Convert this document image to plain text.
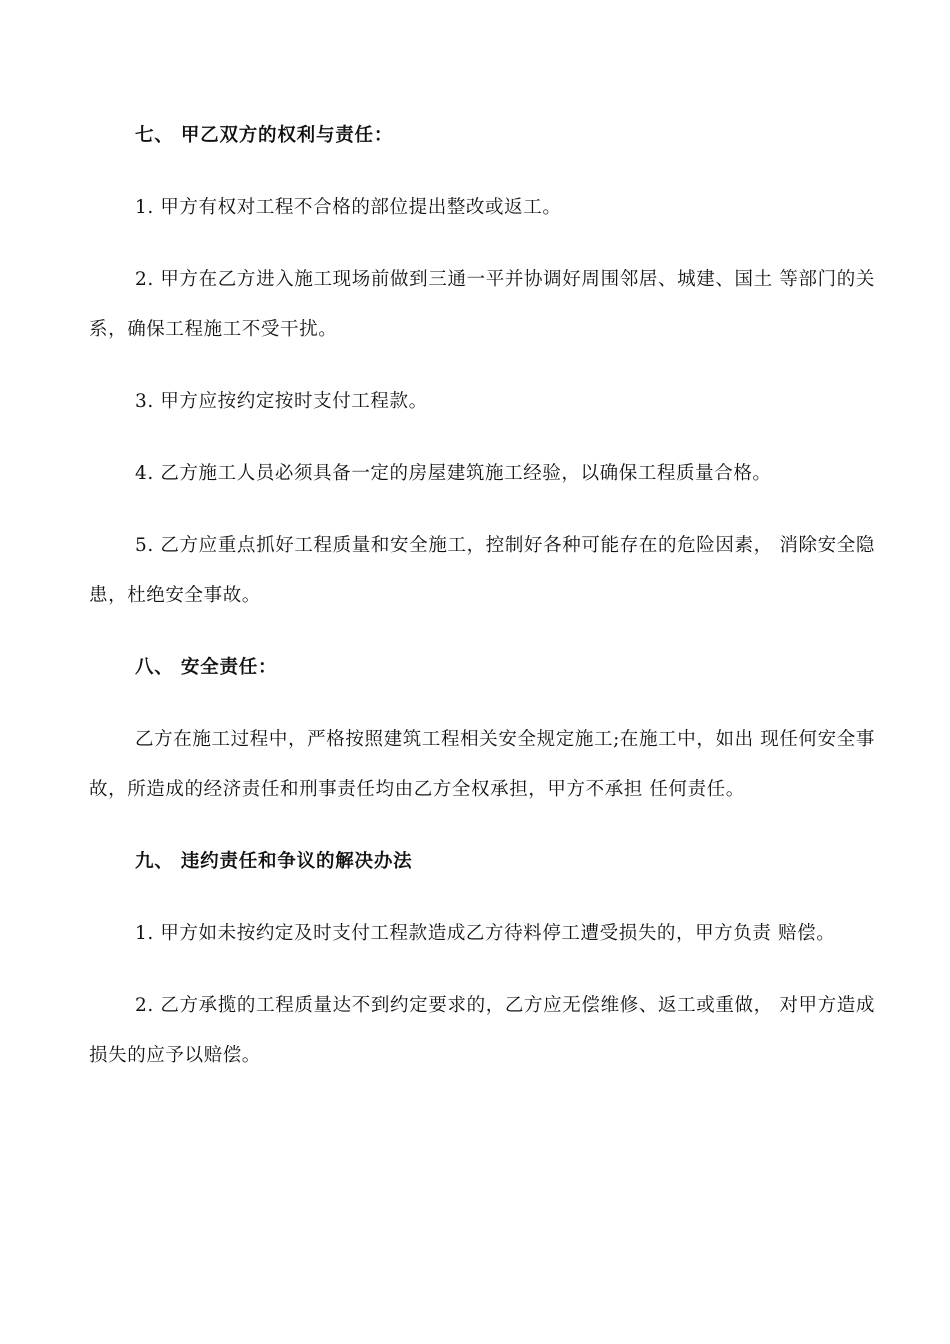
七、 甲乙双方的权利与责任：

1. 甲方有权对工程不合格的部位提出整改或返工。

2. 甲方在乙方进入施工现场前做到三通一平并协调好周围邻居、城建、国土 等部门的关系，确保工程施工不受干扰。

3. 甲方应按约定按时支付工程款。

4. 乙方施工人员必须具备一定的房屋建筑施工经验，以确保工程质量合格。

5. 乙方应重点抓好工程质量和安全施工，控制好各种可能存在的危险因素， 消除安全隐患，杜绝安全事故。

八、 安全责任：

乙方在施工过程中，严格按照建筑工程相关安全规定施工;在施工中，如出 现任何安全事故，所造成的经济责任和刑事责任均由乙方全权承担，甲方不承担 任何责任。

九、 违约责任和争议的解决办法

1. 甲方如未按约定及时支付工程款造成乙方待料停工遭受损失的，甲方负责 赔偿。

2. 乙方承揽的工程质量达不到约定要求的，乙方应无偿维修、返工或重做， 对甲方造成损失的应予以赔偿。
